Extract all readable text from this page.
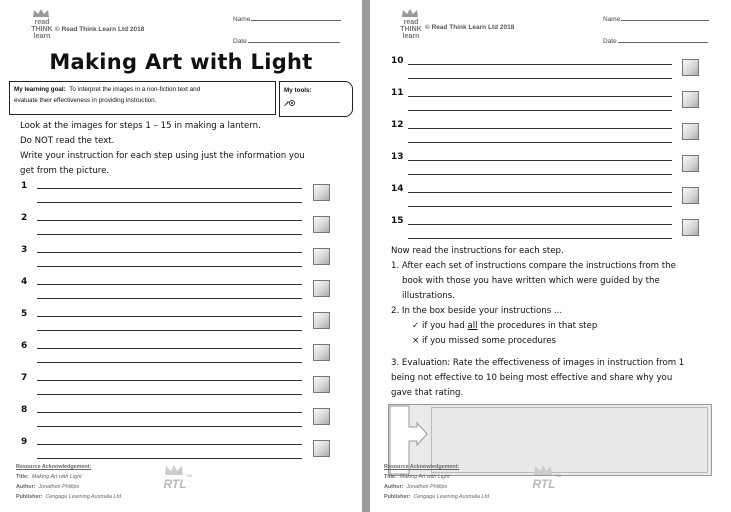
read
THINK
learn
© Read Think Learn Ltd 2018
Name
Date
Making Art with Light
My learning goal: To interpret the images in a non-fiction text and
evaluate their effectiveness in providing instruction.
My tools:
Look at the images for steps 1 – 15 in making a lantern.
Do NOT read the text.
Write your instruction for each step using just the information you
get from the picture.
1
2
3
4
5
6
7
8
9
Resource Acknowledgement:
Title: Making Art with Light
Author: Jonathon Phillips
Publisher: Cengage Learning Australia Ltd
RTL
TM
read
THINK
learn
© Read Think Learn Ltd 2018
Name
Date
10
11
12
13
14
15
Now read the instructions for each step.
1. After each set of instructions compare the instructions from the
book with those you have written which were guided by the
illustrations.
2. In the box beside your instructions ...
✓ if you had all the procedures in that step
× if you missed some procedures
3. Evaluation: Rate the effectiveness of images in instruction from 1
being not effective to 10 being most effective and share why you
gave that rating.
Resource Acknowledgement:
Title: Making Art with Light
Author: Jonathon Phillips
Publisher: Cengage Learning Australia Ltd
RTL
TM
